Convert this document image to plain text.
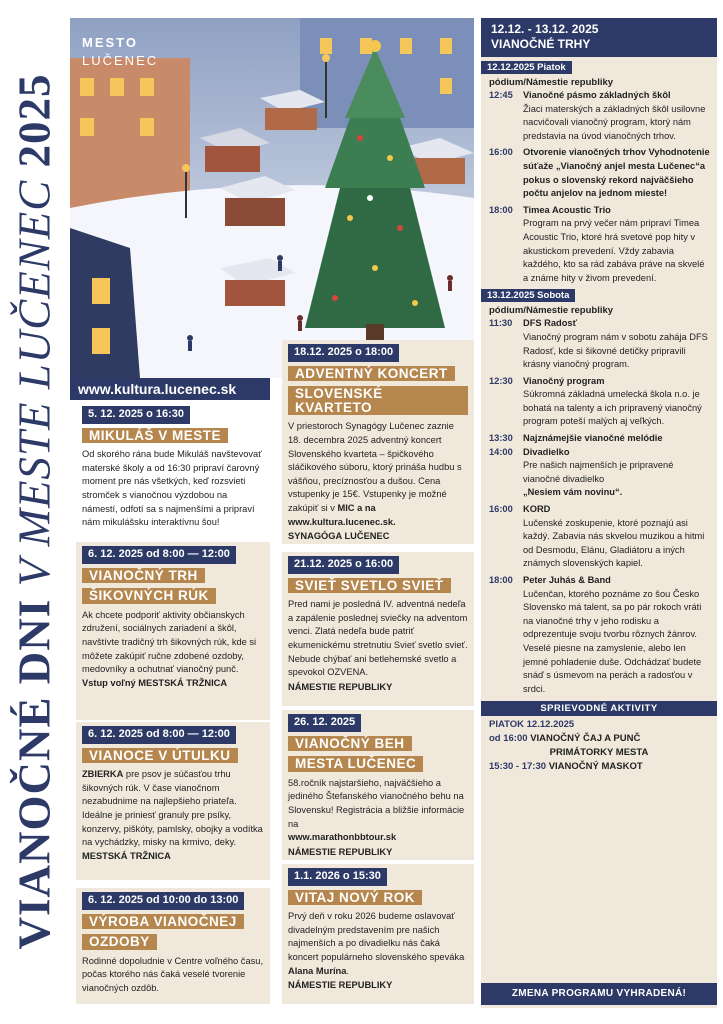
VIANOČNÉ DNI V MESTE LUČENEC 2025
MESTO
LUČENEC
www.kultura.lucenec.sk
5. 12. 2025 o 16:30
MIKULÁŠ V MESTE

Od skorého rána bude Mikuláš navštevovať materské školy a od 16:30 pripraví čarovný moment pre nás všetkých, keď rozsvieti stromček s vianočnou výzdobou na námestí, odfotí sa s najmenšími a pripraví nám mikulášsku interaktívnu šou!

6. 12. 2025 od 8:00 — 12:00
VIANOČNÝ TRH
ŠIKOVNÝCH RÚK

Ak chcete podporiť aktivity občianskych združení, sociálnych zariadení a škôl, navštívte tradičný trh šikovných rúk, kde si môžete zakúpiť ručne zdobené ozdoby, medovníky a ochutnať vianočný punč.

Vstup voľný MESTSKÁ TRŽNICA

6. 12. 2025 od 8:00 — 12:00
VIANOCE V ÚTULKU

ZBIERKA pre psov je súčasťou trhu šikovných rúk. V čase vianočnom nezabudnime na najlepšieho priateľa. Ideálne je priniesť granuly pre psíky, konzervy, piškóty, pamlsky, obojky a vodítka na vychádzky, misky na krmivo, deky. MESTSKÁ TRŽNICA

6. 12. 2025 od 10:00 do 13:00
VÝROBA VIANOČNEJ
OZDOBY

Rodinné dopoludnie v Centre voľného času, počas ktorého nás čaká veselé tvorenie vianočných ozdôb.

18.12. 2025 o 18:00
ADVENTNÝ KONCERT
SLOVENSKÉ KVARTETO

V priestoroch Synagógy Lučenec zaznie 18. decembra 2025 adventný koncert Slovenského kvarteta – špičkového sláčikového súboru, ktorý prináša hudbu s vášňou, precíznosťou a dušou. Cena vstupenky je 15€. Vstupenky je možné zakúpiť si v MIC a na www.kultura.lucenec.sk.

SYNAGÓGA LUČENEC

21.12. 2025 o 16:00
SVIEŤ SVETLO SVIEŤ

Pred nami je posledná IV. adventná nedeľa a zapálenie poslednej sviečky na adventom venci. Zlatá nedeľa bude patriť ekumenickému stretnutiu Svieť svetlo svieť. Nebude chýbať ani betlehemské svetlo a spevokol OZVENA.

NÁMESTIE REPUBLIKY

26. 12. 2025
VIANOČNÝ BEH
MESTA LUČENEC

58.ročník najstaršieho, najväčšieho a jediného Štefanského vianočného behu na Slovensku! Registrácia a bližšie informácie na

www.marathonbbtour.sk

NÁMESTIE REPUBLIKY

1.1. 2026 o 15:30
VITAJ NOVÝ ROK

Prvý deň v roku 2026 budeme oslavovať divadelným predstavením pre našich najmenších a po divadielku nás čaká koncert populárneho slovenského speváka Alana Murína.

NÁMESTIE REPUBLIKY

12.12. - 13.12. 2025
VIANOČNÉ TRHY
12.12.2025 Piatok
pódium/Námestie republiky
12:45	Vianočné pásmo základných škôl
Žiaci materských a základných škôl usilovne nacvičovali vianočný program, ktorý nám predstavia na úvod vianočných trhov.
16:00	Otvorenie vianočných trhov Vyhodnotenie súťaže „Vianočný anjel mesta Lučenec“a pokus o slovenský rekord najväčšieho počtu anjelov na jednom mieste!
18:00	Timea Acoustic Trio
Program na prvý večer nám pripraví Timea Acoustic Trio, ktoré hrá svetové pop hity v akustickom prevedení. Vždy zabavia každého, kto sa rád zabáva práve na skvelé a známe hity v živom prevedení.
13.12.2025 Sobota
pódium/Námestie republiky
11:30	DFS Radosť
Vianočný program nám v sobotu zahája DFS Radosť, kde si šikovné detičky pripravili krásny vianočný program.
12:30	Vianočný program
Súkromná základná umelecká škola n.o. je bohatá na talenty a ich pripravený vianočný program poteší malých aj veľkých.
13:30	Najznámejšie vianočné melódie
14:00	Divadielko
Pre našich najmenších je pripravené vianočné divadielko
„Nesiem vám novinu“.
16:00	KORD
Lučenské zoskupenie, ktoré poznajú asi každý. Zabavia nás skvelou muzikou a hitmi od Desmodu, Elánu, Gladiátoru a iných známych slovenských kapiel.
18:00	Peter Juhás & Band
Lučenčan, ktorého poznáme zo šou Česko Slovensko má talent, sa po pár rokoch vráti na vianočné trhy v jeho rodisku a odprezentuje svoju tvorbu rôznych žánrov. Veselé piesne na zamyslenie, alebo len jemné pohladenie duše. Odchádzať budete snáď s úsmevom na perách a radosťou v srdci.
SPRIEVODNÉ AKTIVITY
PIATOK 12.12.2025
od 16:00 VIANOČNÝ ČAJ A PUNČ
PRIMÁTORKY MESTA
15:30 - 17:30 VIANOČNÝ MASKOT
ZMENA PROGRAMU VYHRADENÁ!
